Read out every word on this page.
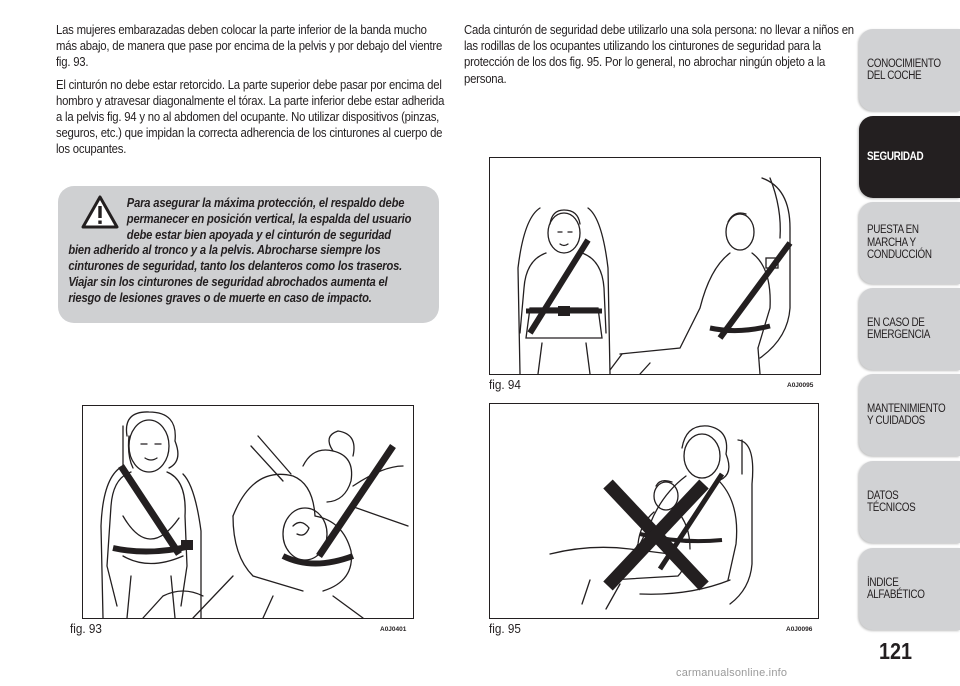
Las mujeres embarazadas deben colocar la parte inferior de la banda mucho más abajo, de manera que pase por encima de la pelvis y por debajo del vientre fig. 93.

El cinturón no debe estar retorcido. La parte superior debe pasar por encima del hombro y atravesar diagonalmente el tórax. La parte inferior debe estar adherida a la pelvis fig. 94 y no al abdomen del ocupante. No utilizar dispositivos (pinzas, seguros, etc.) que impidan la correcta adherencia de los cinturones al cuerpo de los ocupantes.

Para asegurar la máxima protección, el respaldo debe
permanecer en posición vertical, la espalda del usuario
debe estar bien apoyada y el cinturón de seguridad
bien adherido al tronco y a la pelvis. Abrocharse siempre los
cinturones de seguridad, tanto los delanteros como los traseros.
Viajar sin los cinturones de seguridad abrochados aumenta el
riesgo de lesiones graves o de muerte en caso de impacto.

Cada cinturón de seguridad debe utilizarlo una sola persona: no llevar a niños en las rodillas de los ocupantes utilizando los cinturones de seguridad para la protección de los dos fig. 95. Por lo general, no abrochar ningún objeto a la persona.

fig. 93	A0J0401
fig. 94	A0J0095
fig. 95	A0J0096
CONOCIMIENTO DEL COCHE
SEGURIDAD
PUESTA EN MARCHA Y CONDUCCIÓN
EN CASO DE EMERGENCIA
MANTENIMIENTO Y CUIDADOS
DATOS TÉCNICOS
ÍNDICE ALFABÉTICO
121
carmanualsonline.info
